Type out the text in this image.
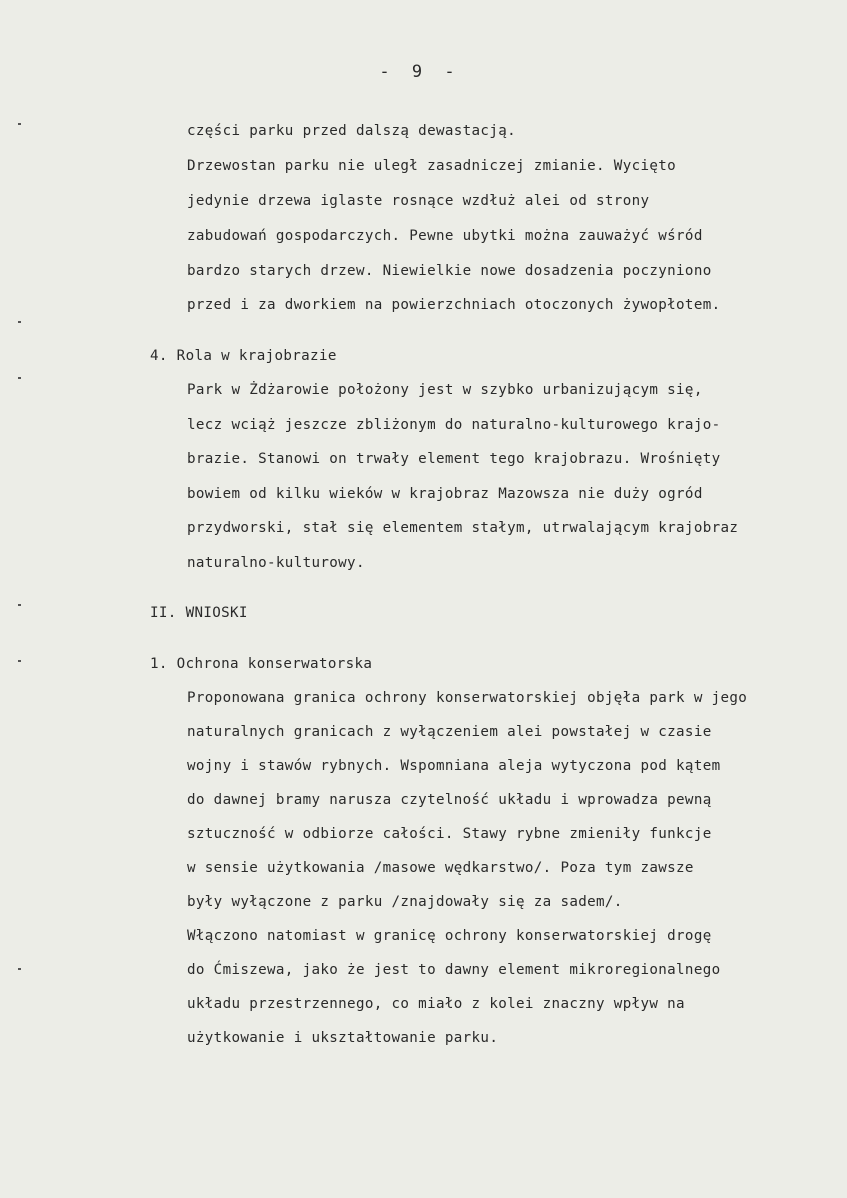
- 9 -
części parku przed dalszą dewastacją.
Drzewostan parku nie uległ zasadniczej zmianie. Wycięto
jedynie drzewa iglaste rosnące wzdłuż alei od strony
zabudowań gospodarczych. Pewne ubytki można zauważyć wśród
bardzo starych drzew. Niewielkie nowe dosadzenia poczyniono
przed i za dworkiem na powierzchniach otoczonych żywopłotem.
4. Rola w krajobrazie
Park w Żdżarowie położony jest w szybko urbanizującym się,
lecz wciąż jeszcze zbliżonym do naturalno-kulturowego krajo-
brazie. Stanowi on trwały element tego krajobrazu. Wrośnięty
bowiem od kilku wieków w krajobraz Mazowsza nie duży ogród
przydworski, stał się elementem stałym, utrwalającym krajobraz
naturalno-kulturowy.
II. WNIOSKI
1. Ochrona konserwatorska
Proponowana granica ochrony konserwatorskiej objęła park w jego
naturalnych granicach z wyłączeniem alei powstałej w czasie
wojny i stawów rybnych. Wspomniana aleja wytyczona pod kątem
do dawnej bramy narusza czytelność układu i wprowadza pewną
sztuczność w odbiorze całości. Stawy rybne zmieniły funkcje
w sensie użytkowania /masowe wędkarstwo/. Poza tym zawsze
były wyłączone z parku /znajdowały się za sadem/.
Włączono natomiast w granicę ochrony konserwatorskiej drogę
do Ćmiszewa, jako że jest to dawny element mikroregionalnego
układu przestrzennego, co miało z kolei znaczny wpływ na
użytkowanie i ukształtowanie parku.
